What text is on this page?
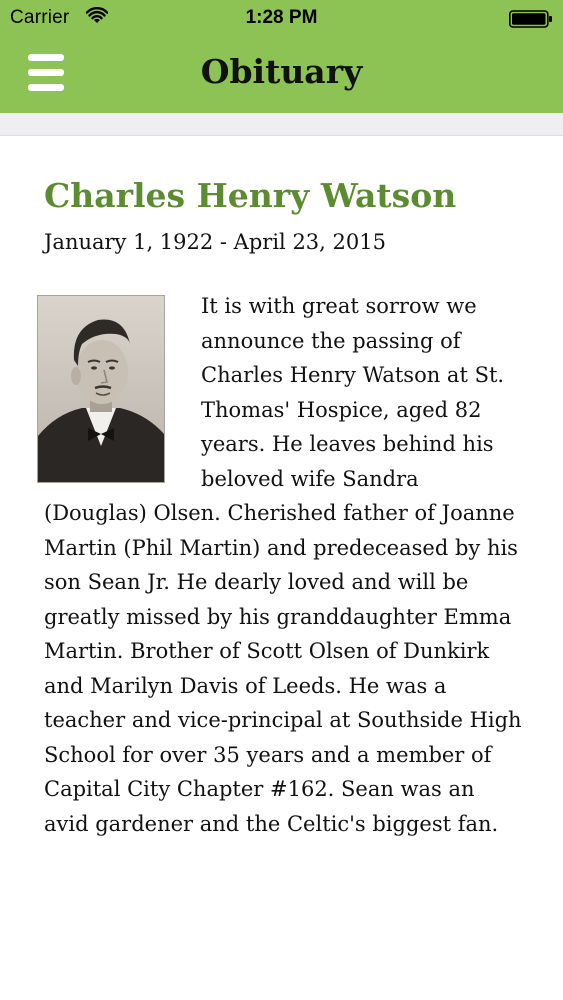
Carrier	1:28 PM
Obituary
Charles Henry Watson
January 1, 1922 - April 23, 2015

It is with great sorrow we announce the passing of Charles Henry Watson at St. Thomas' Hospice, aged 82 years. He leaves behind his beloved wife Sandra (Douglas) Olsen. Cherished father of Joanne Martin (Phil Martin) and predeceased by his son Sean Jr. He dearly loved and will be greatly missed by his granddaughter Emma Martin. Brother of Scott Olsen of Dunkirk and Marilyn Davis of Leeds. He was a teacher and vice-principal at Southside High School for over 35 years and a member of Capital City Chapter #162. Sean was an avid gardener and the Celtic's biggest fan.
